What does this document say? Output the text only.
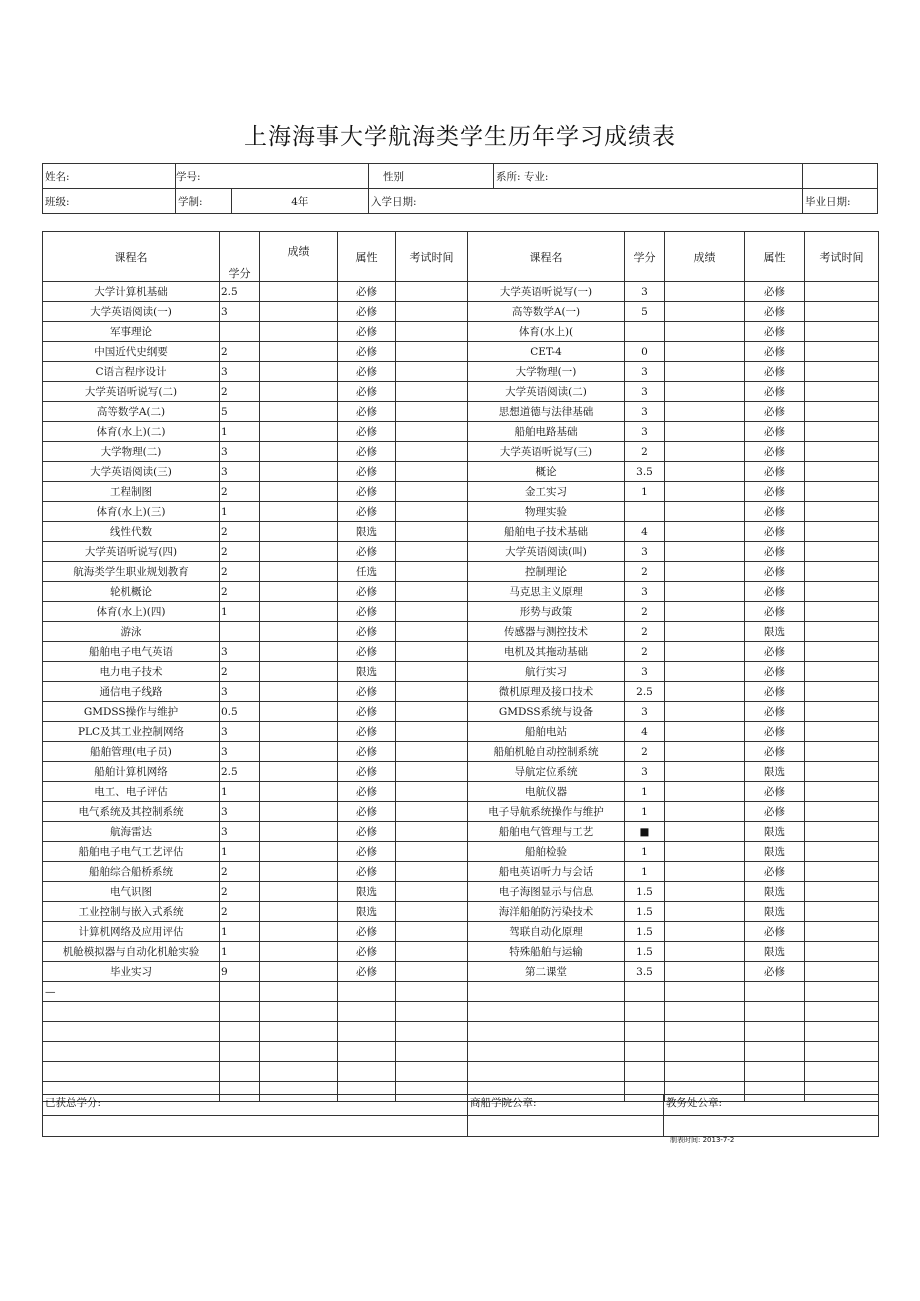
上海海事大学航海类学生历年学习成绩表
姓名:	学号:		性别	系所: 专业:	
班级:	学制:	4年	入学日期:		毕业日期:
课程名	学分	成绩	属性	考试时间	课程名	学分	成绩	属性	考试时间
大学计算机基础	2.5		必修		大学英语听说写(一)	3		必修	
大学英语阅读(一)	3		必修		高等数学A(一)	5		必修	
军事理论			必修		体育(水上)(			必修	
中国近代史纲要	2		必修		CET-4	0		必修	
C语言程序设计	3		必修		大学物理(一)	3		必修	
大学英语听说写(二)	2		必修		大学英语阅读(二)	3		必修	
高等数学A(二)	5		必修		思想道德与法律基础	3		必修	
体育(水上)(二)	1		必修		船舶电路基础	3		必修	
大学物理(二)	3		必修		大学英语听说写(三)	2		必修	
大学英语阅读(三)	3		必修		概论	3.5		必修	
工程制图	2		必修		金工实习	1		必修	
体育(水上)(三)	1		必修		物理实验			必修	
线性代数	2		限选		船舶电子技术基础	4		必修	
大学英语听说写(四)	2		必修		大学英语阅读(叫)	3		必修	
航海类学生职业规划教育	2		任选		控制理论	2		必修	
轮机概论	2		必修		马克思主义原理	3		必修	
体育(水上)(四)	1		必修		形势与政策	2		必修	
游泳			必修		传感器与测控技术	2		限选	
船舶电子电气英语	3		必修		电机及其拖动基础	2		必修	
电力电子技术	2		限选		航行实习	3		必修	
通信电子线路	3		必修		微机原理及接口技术	2.5		必修	
GMDSS操作与维护	0.5		必修		GMDSS系统与设备	3		必修	
PLC及其工业控制网络	3		必修		船舶电站	4		必修	
船舶管理(电子员)	3		必修		船舶机舱自动控制系统	2		必修	
船舶计算机网络	2.5		必修		导航定位系统	3		限选	
电工、电子评估	1		必修		电航仪器	1		必修	
电气系统及其控制系统	3		必修		电子导航系统操作与维护	1		必修	
航海雷达	3		必修		船舶电气管理与工艺	■		限选	
船舶电子电气工艺评估	1		必修		船舶检验	1		限选	
船舶综合船桥系统	2		必修		船电英语听力与会话	1		必修	
电气识图	2		限选		电子海图显示与信息	1.5		限选	
工业控制与嵌入式系统	2		限选		海洋船舶防污染技术	1.5		限选	
计算机网络及应用评估	1		必修		驾联自动化原理	1.5		必修	
机舱模拟器与自动化机舱实验	1		必修		特殊船舶与运输	1.5		限选	
毕业实习	9		必修		第二课堂	3.5		必修	
—									

已获总学分:	商船学院公章:	教务处公章:

制表时间: 2013-7-2
